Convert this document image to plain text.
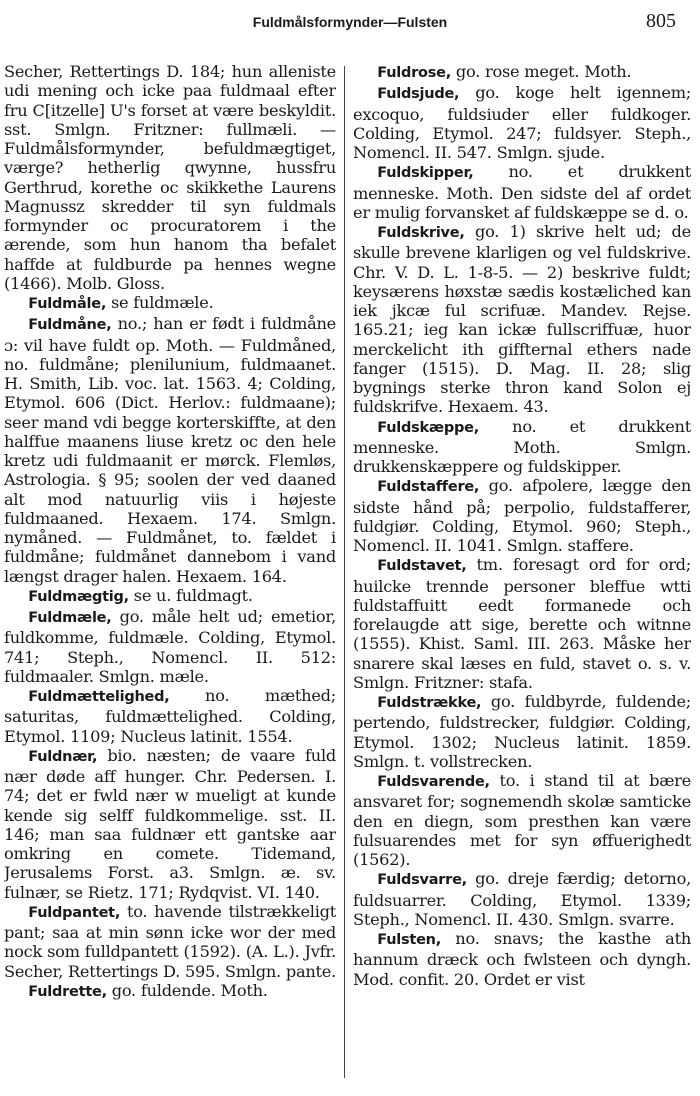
Fuldmålsformynder—Fulsten	805

Secher, Rettertings D. 184; hun alleniste udi mening och icke paa fuldmaal efter fru C[itzelle] U's forset at være beskyldit. sst. Smlgn. Fritzner: fullmæli. — Fuldmålsformynder, befuldmægtiget, værge? hetherlig qwynne, hussfru Gerthrud, korethe oc skikkethe Laurens Magnussz skredder til syn fuldmals formynder oc procuratorem i the ærende, som hun hanom tha befalet haffde at fuldburde pa hennes wegne (1466). Molb. Gloss.

Fuldmåle, se fuldmæle.

Fuldmåne, no.; han er født i fuldmåne ɔ: vil have fuldt op. Moth. — Fuldmåned, no. fuldmåne; plenilunium, fuldmaanet. H. Smith, Lib. voc. lat. 1563. 4; Colding, Etymol. 606 (Dict. Herlov.: fuldmaane); seer mand vdi begge korterskiffte, at den halffue maanens liuse kretz oc den hele kretz udi fuldmaanit er mørck. Flemløs, Astrologia. § 95; soolen der ved daaned alt mod natuurlig viis i højeste fuldmaaned. Hexaem. 174. Smlgn. nymåned. — Fuldmånet, to. fældet i fuldmåne; fuldmånet dannebom i vand længst drager halen. Hexaem. 164.

Fuldmægtig, se u. fuldmagt.

Fuldmæle, go. måle helt ud; emetior, fuldkomme, fuldmæle. Colding, Etymol. 741; Steph., Nomencl. II. 512: fuldmaaler. Smlgn. mæle.

Fuldmættelighed, no. mæthed; saturitas, fuldmættelighed. Colding, Etymol. 1109; Nucleus latinit. 1554.

Fuldnær, bio. næsten; de vaare fuld nær døde aff hunger. Chr. Pedersen. I. 74; det er fwld nær w mueligt at kunde kende sig selff fuldkommelige. sst. II. 146; man saa fuldnær ett gantske aar omkring en comete. Tidemand, Jerusalems Forst. a3. Smlgn. æ. sv. fulnær, se Rietz. 171; Rydqvist. VI. 140.

Fuldpantet, to. havende tilstrækkeligt pant; saa at min sønn icke wor der med nock som fulldpantett (1592). (A. L.). Jvfr. Secher, Rettertings D. 595. Smlgn. pante.

Fuldrette, go. fuldende. Moth.

Fuldrose, go. rose meget. Moth.

Fuldsjude, go. koge helt igennem; excoquo, fuldsiuder eller fuldkoger. Colding, Etymol. 247; fuldsyer. Steph., Nomencl. II. 547. Smlgn. sjude.

Fuldskipper, no. et drukkent menneske. Moth. Den sidste del af ordet er mulig forvansket af fuldskæppe se d. o.

Fuldskrive, go. 1) skrive helt ud; de skulle brevene klarligen og vel fuldskrive. Chr. V. D. L. 1-8-5. — 2) beskrive fuldt; keysærens høxstæ sædis kostæliched kan iek jkcæ ful scrifuæ. Mandev. Rejse. 165.21; ieg kan ickæ fullscriffuæ, huor merckelicht ith giffternal ethers nade fanger (1515). D. Mag. II. 28; slig bygnings sterke thron kand Solon ej fuldskrifve. Hexaem. 43.

Fuldskæppe, no. et drukkent menneske. Moth. Smlgn. drukkenskæppere og fuldskipper.

Fuldstaffere, go. afpolere, lægge den sidste hånd på; perpolio, fuldstafferer, fuldgiør. Colding, Etymol. 960; Steph., Nomencl. II. 1041. Smlgn. staffere.

Fuldstavet, tm. foresagt ord for ord; huilcke trennde personer bleffue wtti fuldstaffuitt eedt formanede och forelaugde att sige, berette och witnne (1555). Khist. Saml. III. 263. Måske her snarere skal læses en fuld, stavet o. s. v. Smlgn. Fritzner: stafa.

Fuldstrække, go. fuldbyrde, fuldende; pertendo, fuldstrecker, fuldgiør. Colding, Etymol. 1302; Nucleus latinit. 1859. Smlgn. t. vollstrecken.

Fuldsvarende, to. i stand til at bære ansvaret for; sognemendh skolæ samticke den en diegn, som presthen kan være fulsuarendes met for syn øffuerighedt (1562).

Fuldsvarre, go. dreje færdig; detorno, fuldsuarrer. Colding, Etymol. 1339; Steph., Nomencl. II. 430. Smlgn. svarre.

Fulsten, no. snavs; the kasthe ath hannum dræck och fwlsteen och dyngh. Mod. confit. 20. Ordet er vist
